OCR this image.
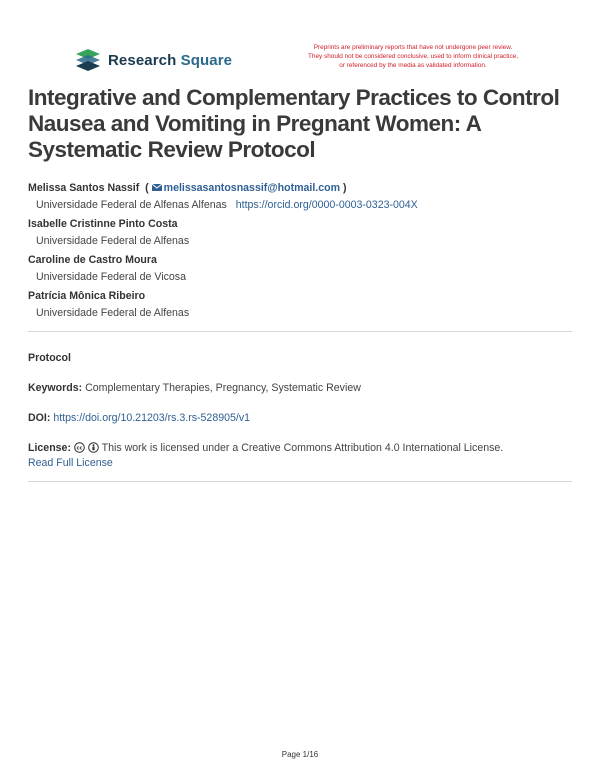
Research Square
Preprints are preliminary reports that have not undergone peer review.
They should not be considered conclusive, used to inform clinical practice,
or referenced by the media as validated information.
Integrative and Complementary Practices to Control Nausea and Vomiting in Pregnant Women: A Systematic Review Protocol
Melissa Santos Nassif  ( melissasantosnassif@hotmail.com )
Universidade Federal de Alfenas Alfenas https://orcid.org/0000-0003-0323-004X
Isabelle Cristinne Pinto Costa
Universidade Federal de Alfenas
Caroline de Castro Moura
Universidade Federal de Vicosa
Patrícia Mônica Ribeiro
Universidade Federal de Alfenas
Protocol
Keywords: Complementary Therapies, Pregnancy, Systematic Review
DOI: https://doi.org/10.21203/rs.3.rs-528905/v1
License: cc This work is licensed under a Creative Commons Attribution 4.0 International License.
Read Full License
Page 1/16
